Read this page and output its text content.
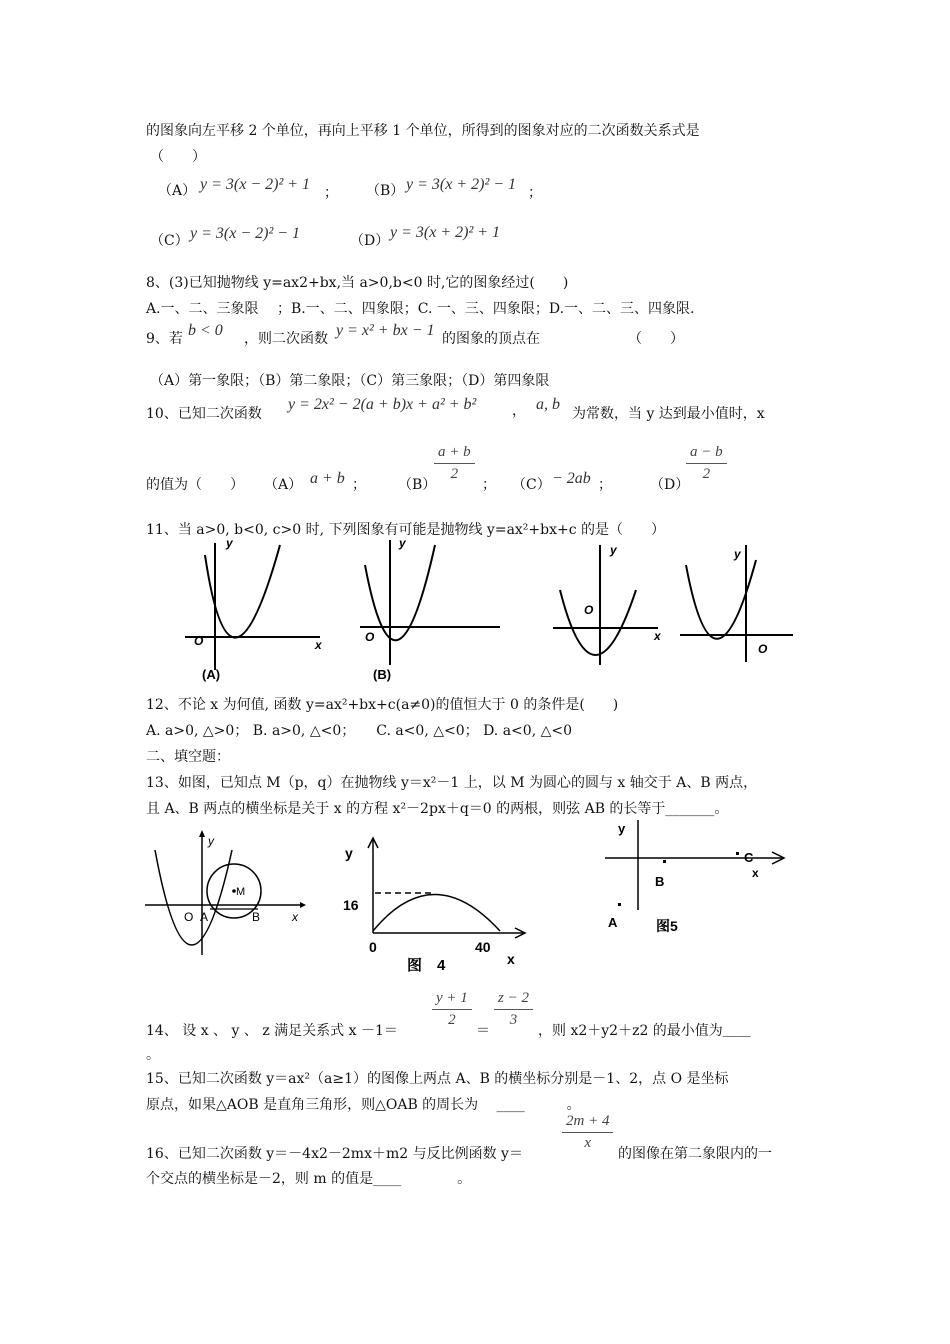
的图象向左平移 2 个单位，再向上平移 1 个单位，所得到的图象对应的二次函数关系式是
（　　）
（A） y = 3(x − 2)² + 1 ； （B） y = 3(x + 2)² − 1 ；
（C） y = 3(x − 2)² − 1	（D） y = 3(x + 2)² + 1
8、(3)已知抛物线 y=ax2+bx,当 a>0,b<0 时,它的图象经过(　　)
A.一、二、三象限　 ；B.一、二、四象限；C. 一、三、四象限；D.一、二、三、四象限.
9、若 b < 0 ，则二次函数 y = x² + bx − 1 的图象的顶点在	（　　）
（A）第一象限；（B）第二象限；（C）第三象限；（D）第四象限
10、已知二次函数
y = 2x² − 2(a + b)x + a² + b²	， a, b
为常数，当 y 达到最小值时，x
的值为（　　） （A） a + b ； （B）
a + b
2
； （C） − 2ab ；	（D）
a − b
2
11、当 a>0, b<0, c>0 时, 下列图象有可能是抛物线 y=ax²+bx+c 的是（　　）
y
x
O
(A)
y
O
(B)
y
x
O
y
O
12、不论 x 为何值, 函数 y=ax²+bx+c(a≠0)的值恒大于 0 的条件是(　　)
A. a>0, △>0； B. a>0, △<0；　　C. a<0, △<0； D. a<0, △<0
二、填空题：
13、如图，已知点 M（p，q）在抛物线 y＝x²－1 上，以 M 为圆心的圆与 x 轴交于 A、B 两点，
且 A、B 两点的横坐标是关于 x 的方程 x²－2px＋q＝0 的两根，则弦 AB 的长等于_______。
y
x
O A	B
M
y
16
0	40
x
图　4
y
B
C
x
A	图5
14、 设 x 、 y 、 z 满足关系式 x －1＝
y + 1
2
＝
z − 2
3
，则 x2＋y2＋z2 的最小值为＿＿
。
15、已知二次函数 y＝ax²（a≥1）的图像上两点 A、B 的横坐标分别是－1、2，点 O 是坐标
原点，如果△AOB 是直角三角形，则△OAB 的周长为　 ____　　　。
16、已知二次函数 y＝－4x2－2mx＋m2 与反比例函数 y＝
2m + 4
x
的图像在第二象限内的一
个交点的横坐标是－2，则 m 的值是____　　　　。
